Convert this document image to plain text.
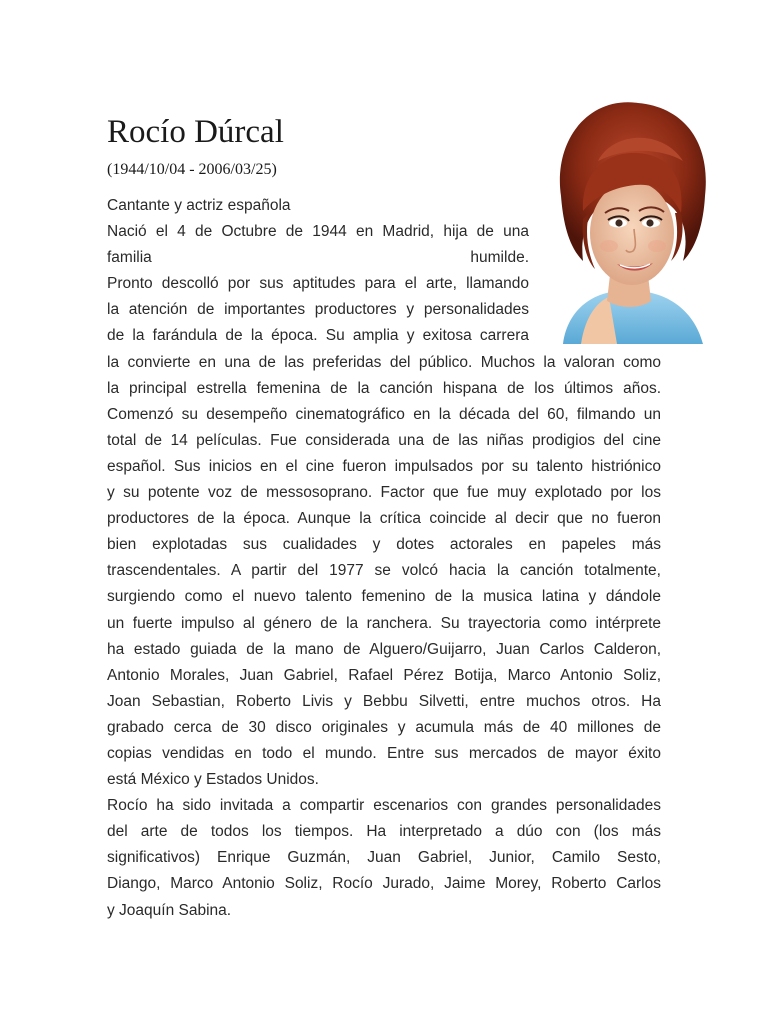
Rocío Dúrcal

(1944/10/04 - 2006/03/25)

Cantante y actriz española
Nació el 4 de Octubre de 1944 en Madrid, hija de una
familia humilde.
Pronto descolló por sus aptitudes para el arte, llamando
la atención de importantes productores y personalidades
de la farándula de la época. Su amplia y exitosa carrera
la convierte en una de las preferidas del público. Muchos la valoran como
la principal estrella femenina de la canción hispana de los últimos años.
Comenzó su desempeño cinematográfico en la década del 60, filmando un
total de 14 películas. Fue considerada una de las niñas prodigios del cine
español. Sus inicios en el cine fueron impulsados por su talento histriónico
y su potente voz de messosoprano. Factor que fue muy explotado por los
productores de la época. Aunque la crítica coincide al decir que no fueron
bien explotadas sus cualidades y dotes actorales en papeles más
trascendentales. A partir del 1977 se volcó hacia la canción totalmente,
surgiendo como el nuevo talento femenino de la musica latina y dándole
un fuerte impulso al género de la ranchera. Su trayectoria como intérprete
ha estado guiada de la mano de Alguero/Guijarro, Juan Carlos Calderon,
Antonio Morales, Juan Gabriel, Rafael Pérez Botija, Marco Antonio Soliz,
Joan Sebastian, Roberto Livis y Bebbu Silvetti, entre muchos otros. Ha
grabado cerca de 30 disco originales y acumula más de 40 millones de
copias vendidas en todo el mundo. Entre sus mercados de mayor éxito
está México y Estados Unidos.
Rocío ha sido invitada a compartir escenarios con grandes personalidades
del arte de todos los tiempos. Ha interpretado a dúo con (los más
significativos) Enrique Guzmán, Juan Gabriel, Junior, Camilo Sesto,
Diango, Marco Antonio Soliz, Rocío Jurado, Jaime Morey, Roberto Carlos
y Joaquín Sabina.
